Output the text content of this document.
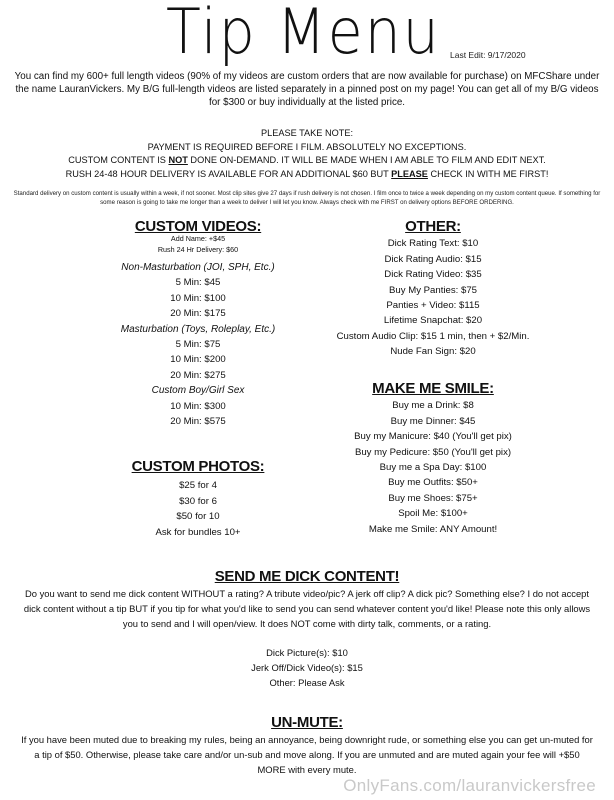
Tip Menu Last Edit: 9/17/2020
You can find my 600+ full length videos (90% of my videos are custom orders that are now available for purchase) on MFCShare under the name LauranVickers. My B/G full-length videos are listed separately in a pinned post on my page! You can get all of my B/G videos for $300 or buy individually at the listed price.

PLEASE TAKE NOTE:

PAYMENT IS REQUIRED BEFORE I FILM. ABSOLUTELY NO EXCEPTIONS.

CUSTOM CONTENT IS NOT DONE ON-DEMAND. IT WILL BE MADE WHEN I AM ABLE TO FILM AND EDIT NEXT.

RUSH 24-48 HOUR DELIVERY IS AVAILABLE FOR AN ADDITIONAL $60 BUT PLEASE CHECK IN WITH ME FIRST!

Standard delivery on custom content is usually within a week, if not sooner. Most clip sites give 27 days if rush delivery is not chosen. I film once to twice a week depending on my custom content queue. If something for some reason is going to take me longer than a week to deliver I will let you know. Always check with me FIRST on delivery options BEFORE ORDERING.
CUSTOM VIDEOS:
Add Name: +$45
Rush 24 Hr Delivery: $60
Non-Masturbation (JOI, SPH, Etc.)
5 Min: $45
10 Min: $100
20 Min: $175
Masturbation (Toys, Roleplay, Etc.)
5 Min: $75
10 Min: $200
20 Min: $275
Custom Boy/Girl Sex
10 Min: $300
20 Min: $575
CUSTOM PHOTOS:
$25 for 4
$30 for 6
$50 for 10
Ask for bundles 10+
OTHER:
Dick Rating Text: $10
Dick Rating Audio: $15
Dick Rating Video: $35
Buy My Panties: $75
Panties + Video: $115
Lifetime Snapchat: $20
Custom Audio Clip: $15 1 min, then + $2/Min.
Nude Fan Sign: $20
MAKE ME SMILE:
Buy me a Drink: $8
Buy me Dinner: $45
Buy my Manicure: $40 (You'll get pix)
Buy my Pedicure: $50 (You'll get pix)
Buy me a Spa Day: $100
Buy me Outfits: $50+
Buy me Shoes: $75+
Spoil Me: $100+
Make me Smile: ANY Amount!
SEND ME DICK CONTENT!

Do you want to send me dick content WITHOUT a rating? A tribute video/pic? A jerk off clip? A dick pic? Something else? I do not accept dick content without a tip BUT if you tip for what you'd like to send you can send whatever content you'd like! Please note this only allows you to send and I will open/view. It does NOT come with dirty talk, comments, or a rating.

Dick Picture(s): $10
Jerk Off/Dick Video(s): $15
Other: Please Ask
UN-MUTE:
If you have been muted due to breaking my rules, being an annoyance, being downright rude, or something else you can get un-muted for a tip of $50. Otherwise, please take care and/or un-sub and move along. If you are unmuted and are muted again your fee will +$50 MORE with every mute.
OnlyFans.com/lauranvickersfree
